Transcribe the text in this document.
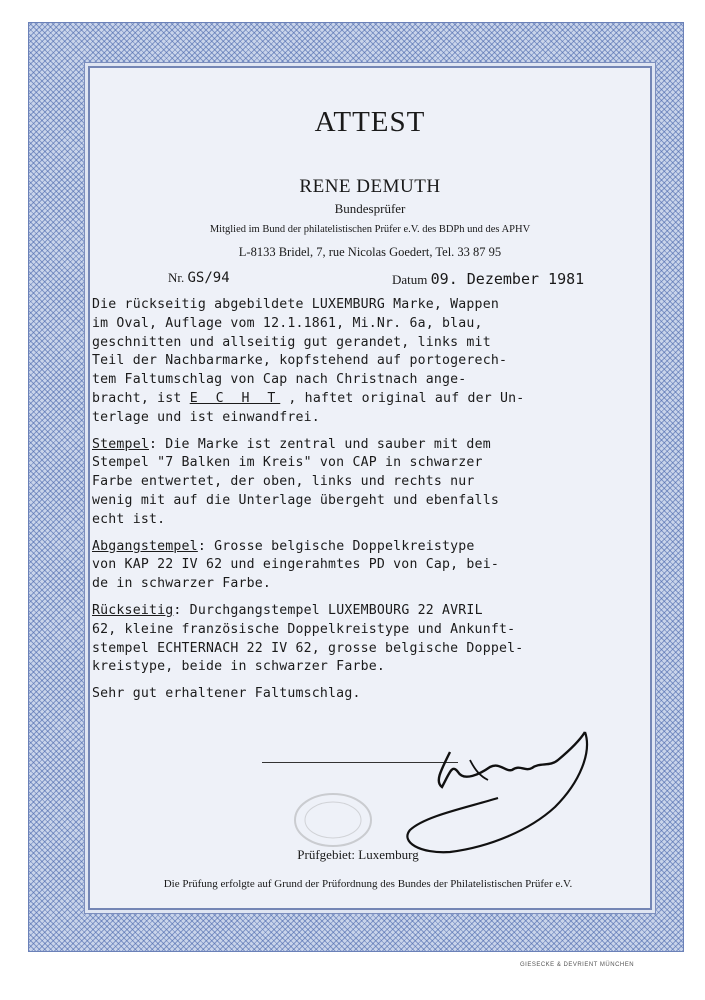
ATTEST
RENE DEMUTH
Bundesprüfer
Mitglied im Bund der philatelistischen Prüfer e.V. des BDPh und des APHV
L-8133 Bridel, 7, rue Nicolas Goedert, Tel. 33 87 95
Nr. GS/94	Datum 09. Dezember 1981
Die rückseitig abgebildete LUXEMBURG Marke, Wappen
im Oval, Auflage vom 12.1.1861, Mi.Nr. 6a, blau,
geschnitten und allseitig gut gerandet, links mit
Teil der Nachbarmarke, kopfstehend auf portogerech-
tem Faltumschlag von Cap nach Christnach ange-
bracht, ist E C H T , haftet original auf der Un-
terlage und ist einwandfrei.
Stempel: Die Marke ist zentral und sauber mit dem
Stempel "7 Balken im Kreis" von CAP in schwarzer
Farbe entwertet, der oben, links und rechts nur
wenig mit auf die Unterlage übergeht und ebenfalls
echt ist.
Abgangstempel: Grosse belgische Doppelkreistype
von KAP 22 IV 62 und eingerahmtes PD von Cap, bei-
de in schwarzer Farbe.
Rückseitig: Durchgangstempel LUXEMBOURG 22 AVRIL
62, kleine französische Doppelkreistype und Ankunft-
stempel ECHTERNACH 22 IV 62, grosse belgische Doppel-
kreistype, beide in schwarzer Farbe.
Sehr gut erhaltener Faltumschlag.
Prüfgebiet: Luxemburg
Die Prüfung erfolgte auf Grund der Prüfordnung des Bundes der Philatelistischen Prüfer e.V.
GIESECKE & DEVRIENT MÜNCHEN
